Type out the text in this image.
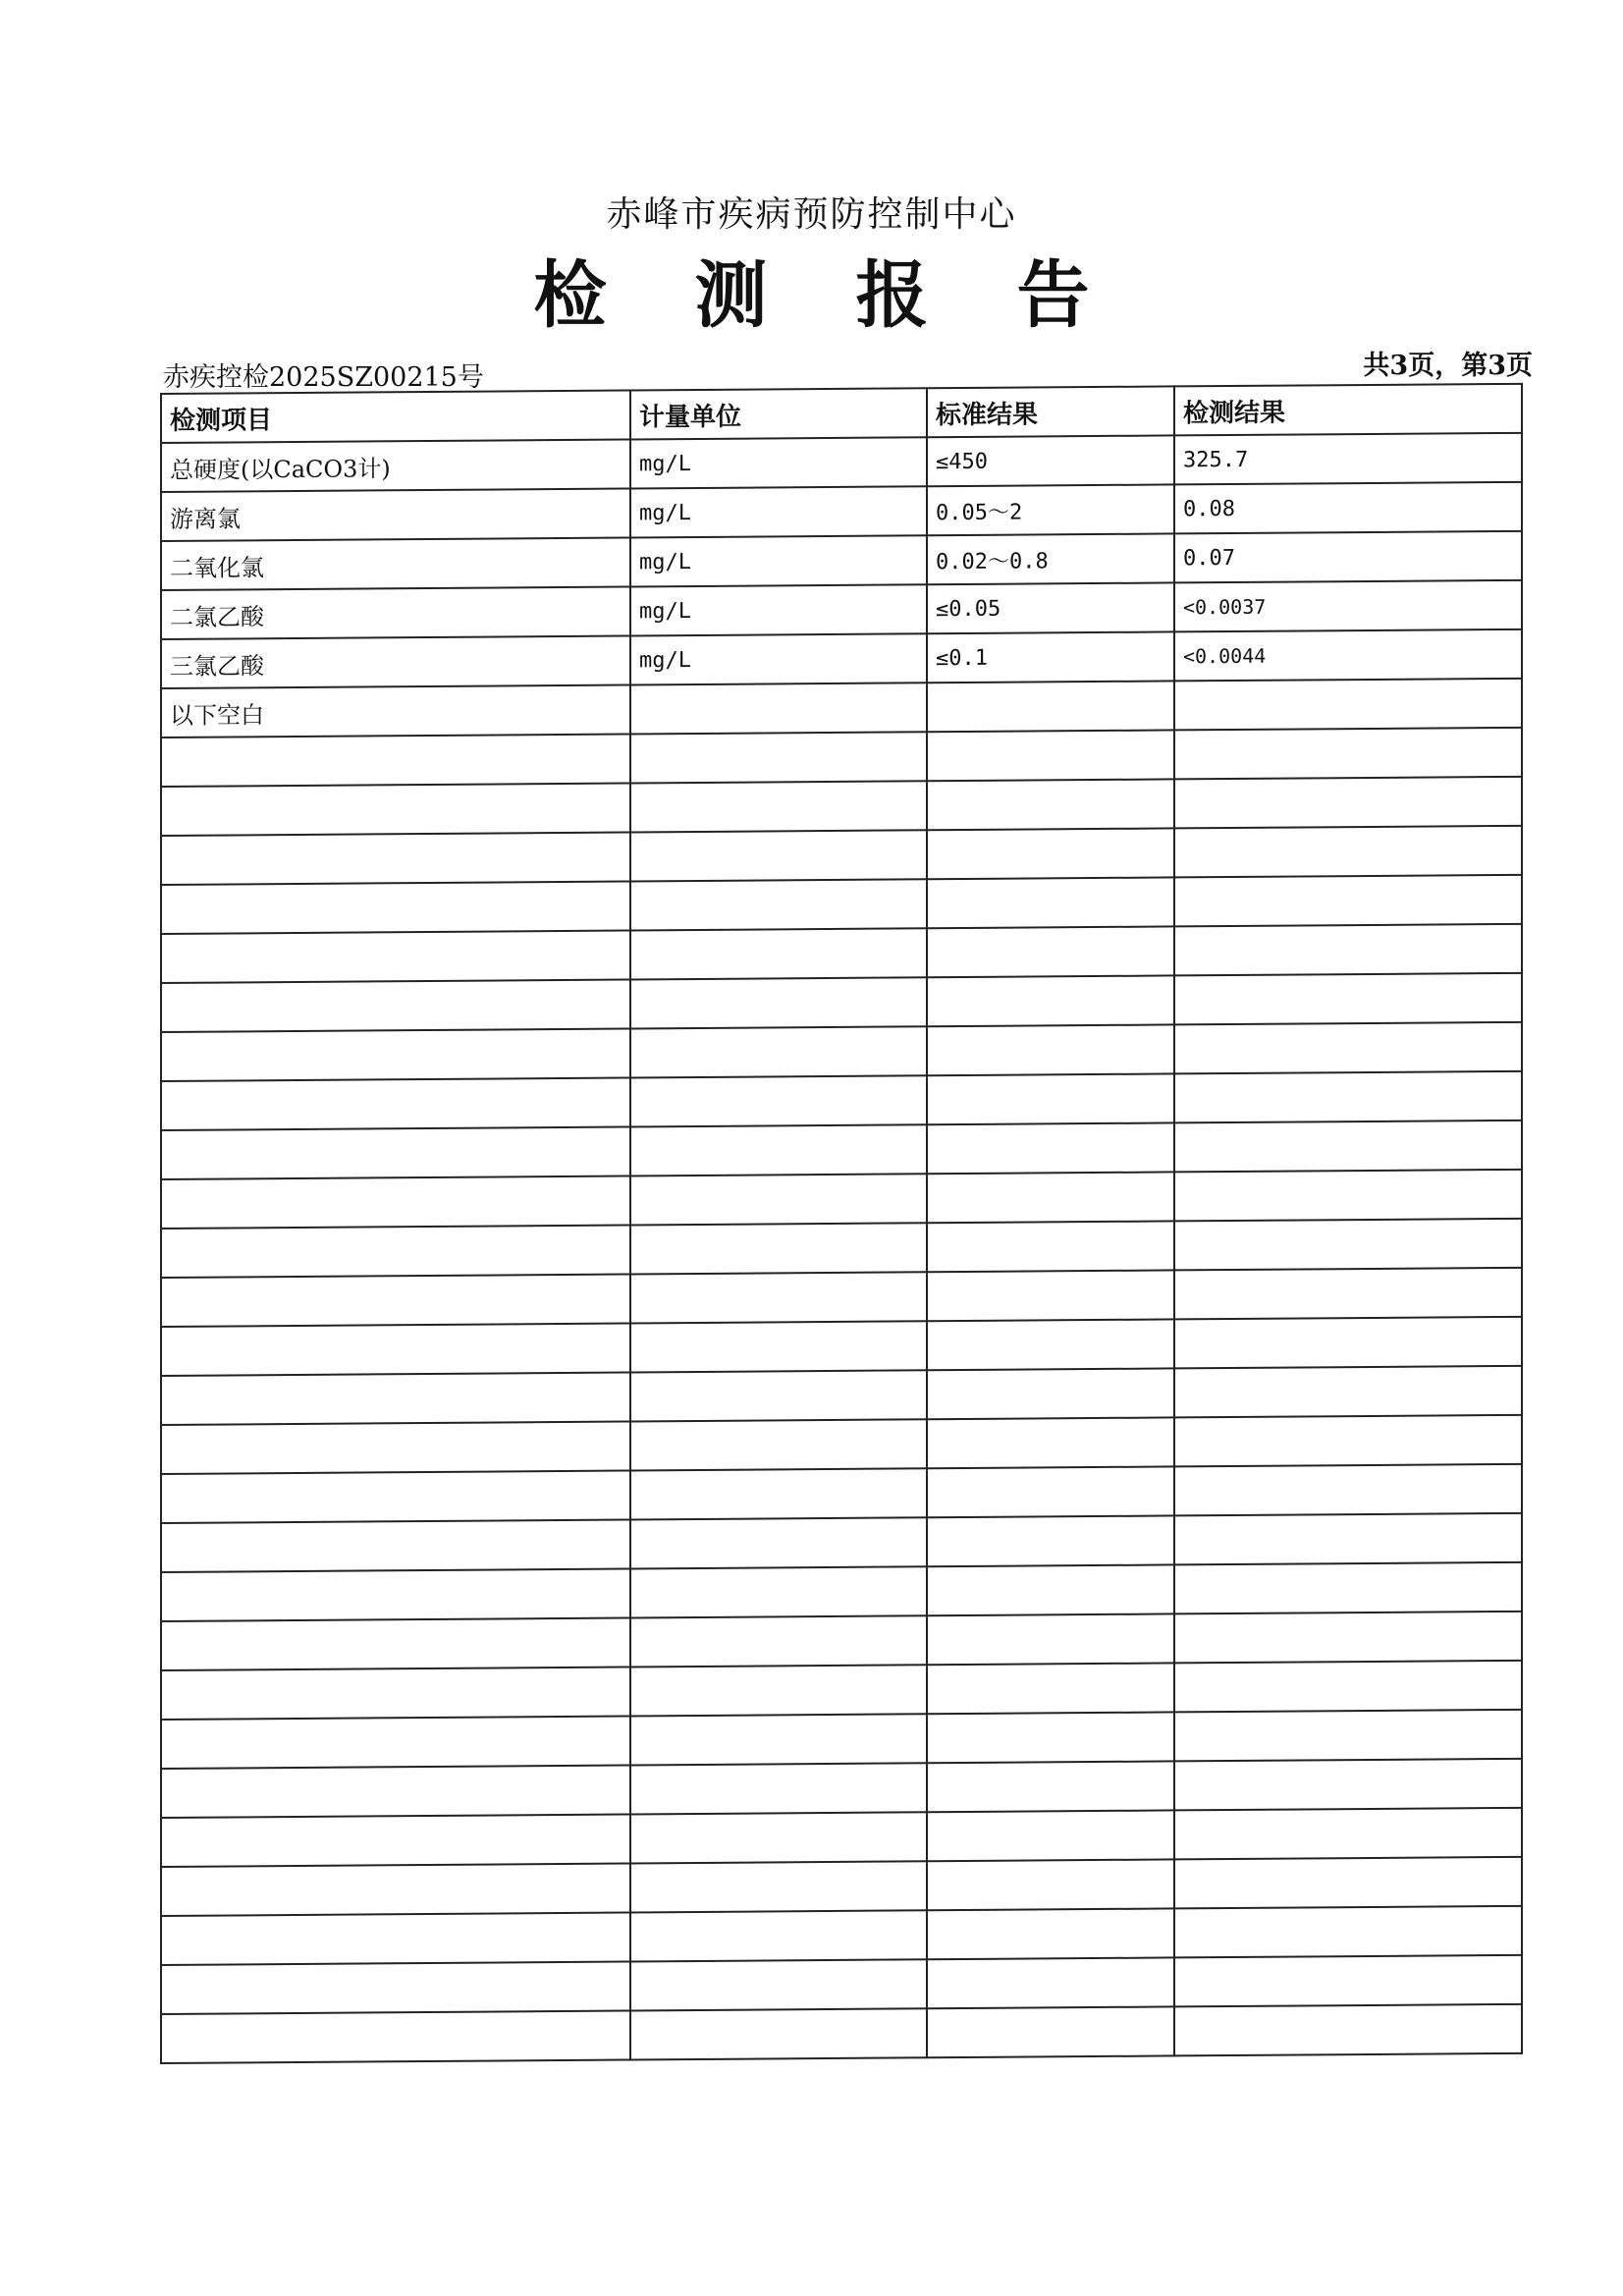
赤峰市疾病预防控制中心
检测报告
赤疾控检2025SZ00215号	共3页，第3页
检测项目	计量单位	标准结果	检测结果
总硬度(以CaCO3计)	mg/L	≤450	325.7
游离氯	mg/L	0.05～2	0.08
二氧化氯	mg/L	0.02～0.8	0.07
二氯乙酸	mg/L	≤0.05	<0.0037
三氯乙酸	mg/L	≤0.1	<0.0044
以下空白			
